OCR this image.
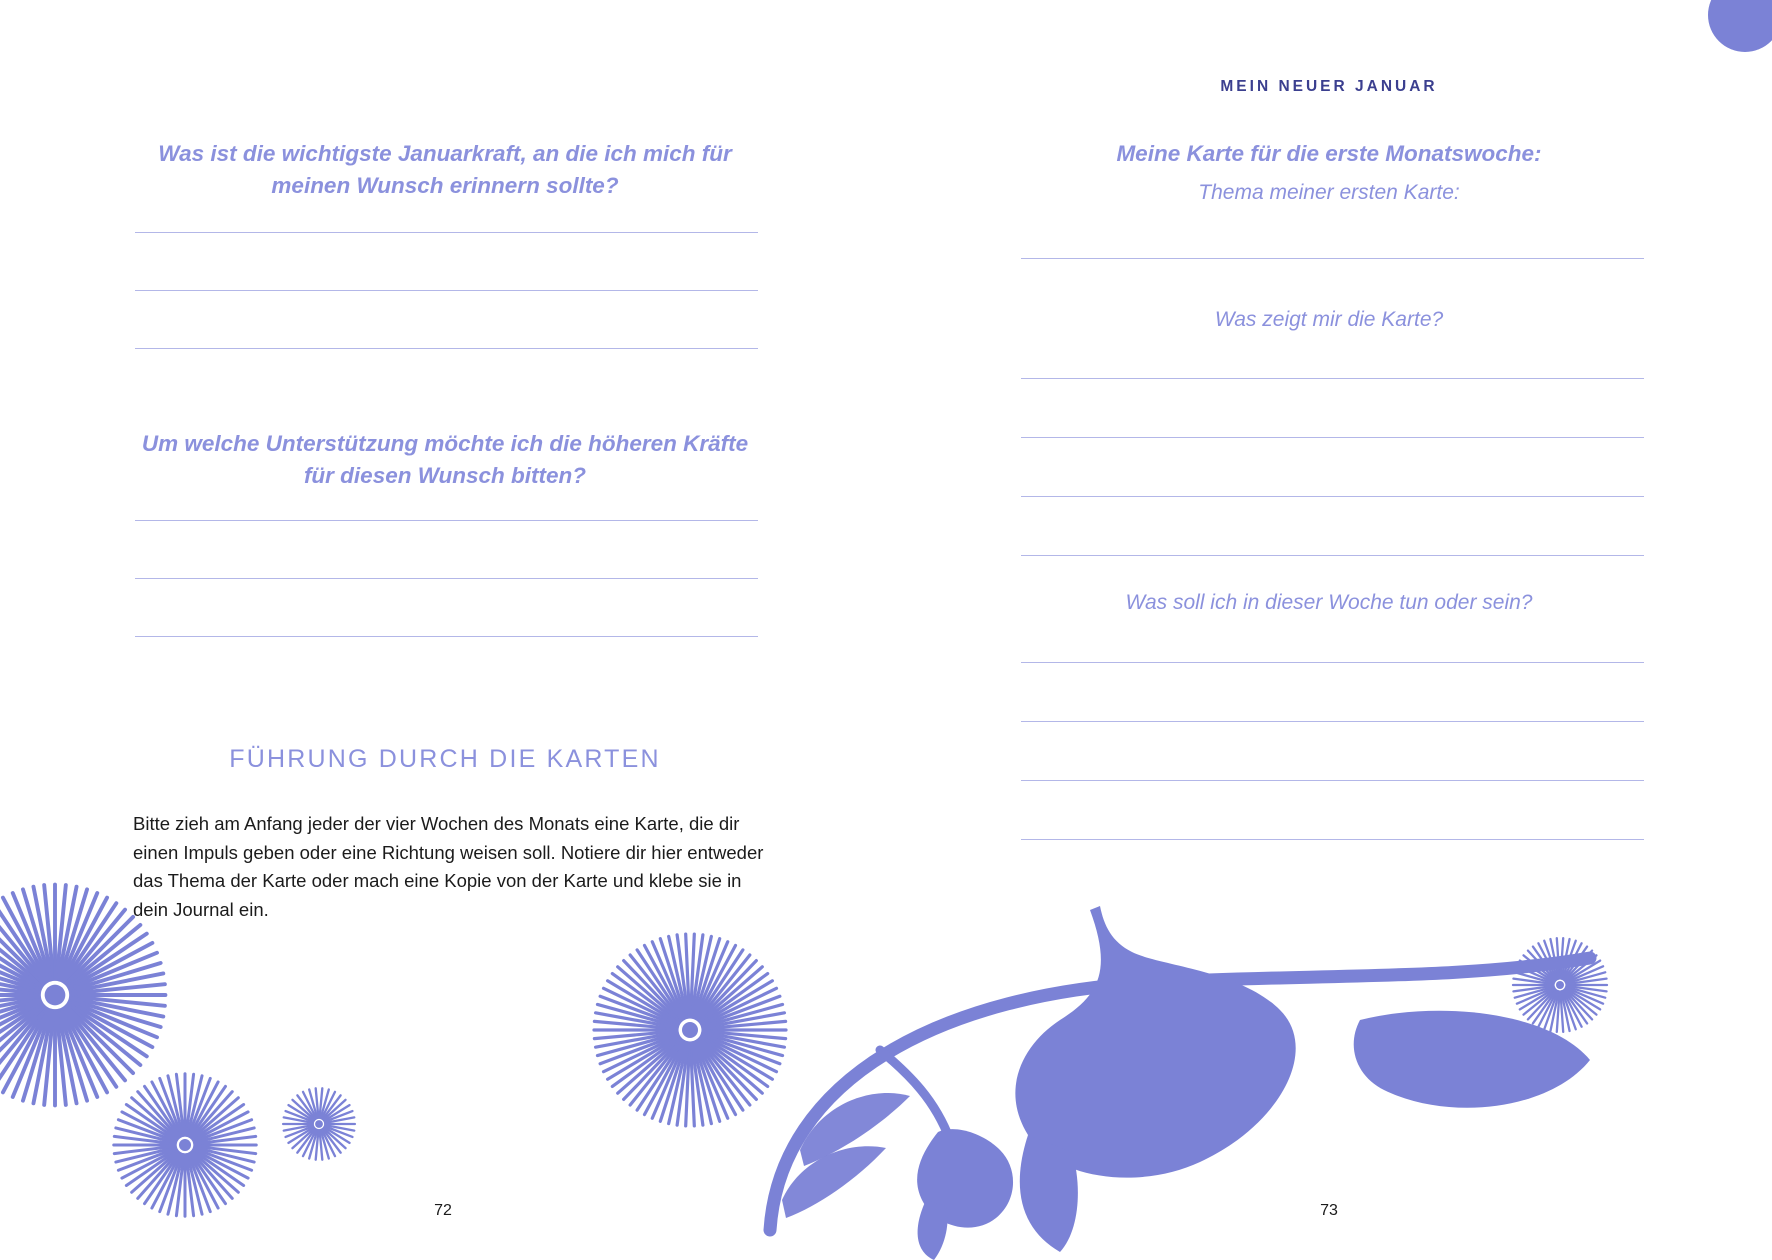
Was ist die wichtigste Januarkraft, an die ich mich für meinen Wunsch erinnern sollte?
Um welche Unterstützung möchte ich die höheren Kräfte für diesen Wunsch bitten?
FÜHRUNG DURCH DIE KARTEN

Bitte zieh am Anfang jeder der vier Wochen des Monats eine Karte, die dir einen Impuls geben oder eine Richtung weisen soll. Notiere dir hier entweder das Thema der Karte oder mach eine Kopie von der Karte und klebe sie in dein Journal ein.

72
MEIN NEUER JANUAR
Meine Karte für die erste Monatswoche:
Thema meiner ersten Karte:
Was zeigt mir die Karte?
Was soll ich in dieser Woche tun oder sein?
73
